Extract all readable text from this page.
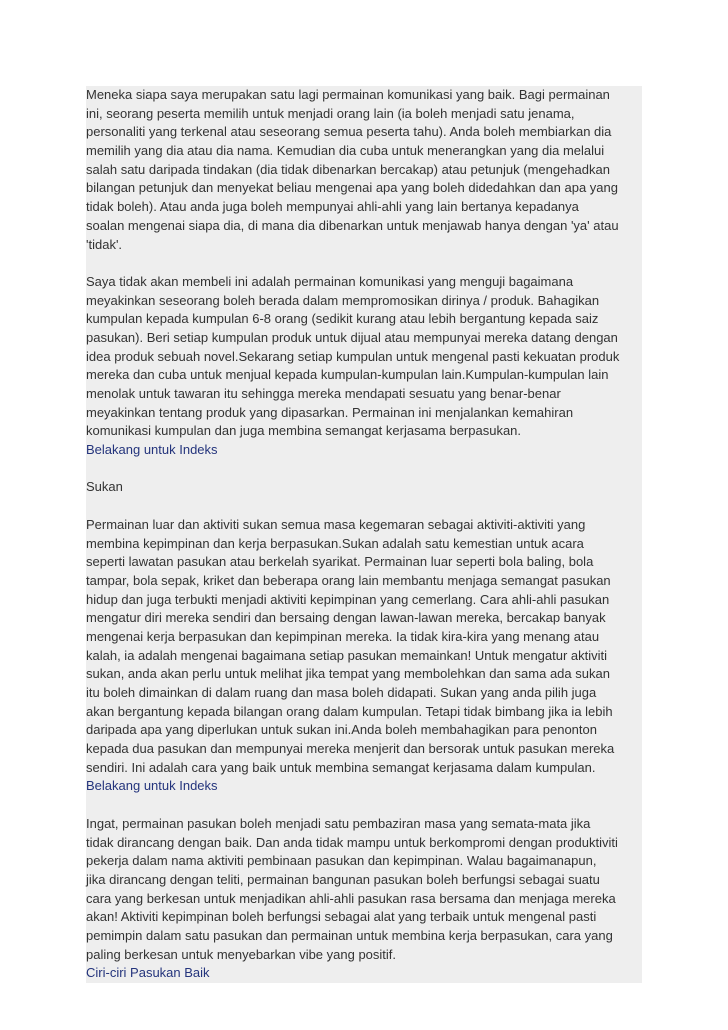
Meneka siapa saya merupakan satu lagi permainan komunikasi yang baik. Bagi permainan
ini, seorang peserta memilih untuk menjadi orang lain (ia boleh menjadi satu jenama,
personaliti yang terkenal atau seseorang semua peserta tahu). Anda boleh membiarkan dia
memilih yang dia atau dia nama. Kemudian dia cuba untuk menerangkan yang dia melalui
salah satu daripada tindakan (dia tidak dibenarkan bercakap) atau petunjuk (mengehadkan
bilangan petunjuk dan menyekat beliau mengenai apa yang boleh didedahkan dan apa yang
tidak boleh). Atau anda juga boleh mempunyai ahli-ahli yang lain bertanya kepadanya
soalan mengenai siapa dia, di mana dia dibenarkan untuk menjawab hanya dengan 'ya' atau
'tidak'.
Saya tidak akan membeli ini adalah permainan komunikasi yang menguji bagaimana
meyakinkan seseorang boleh berada dalam mempromosikan dirinya / produk. Bahagikan
kumpulan kepada kumpulan 6-8 orang (sedikit kurang atau lebih bergantung kepada saiz
pasukan). Beri setiap kumpulan produk untuk dijual atau mempunyai mereka datang dengan
idea produk sebuah novel.Sekarang setiap kumpulan untuk mengenal pasti kekuatan produk
mereka dan cuba untuk menjual kepada kumpulan-kumpulan lain.Kumpulan-kumpulan lain
menolak untuk tawaran itu sehingga mereka mendapati sesuatu yang benar-benar
meyakinkan tentang produk yang dipasarkan. Permainan ini menjalankan kemahiran
komunikasi kumpulan dan juga membina semangat kerjasama berpasukan.
Belakang untuk Indeks
Sukan
Permainan luar dan aktiviti sukan semua masa kegemaran sebagai aktiviti-aktiviti yang
membina kepimpinan dan kerja berpasukan.Sukan adalah satu kemestian untuk acara
seperti lawatan pasukan atau berkelah syarikat. Permainan luar seperti bola baling, bola
tampar, bola sepak, kriket dan beberapa orang lain membantu menjaga semangat pasukan
hidup dan juga terbukti menjadi aktiviti kepimpinan yang cemerlang. Cara ahli-ahli pasukan
mengatur diri mereka sendiri dan bersaing dengan lawan-lawan mereka, bercakap banyak
mengenai kerja berpasukan dan kepimpinan mereka. Ia tidak kira-kira yang menang atau
kalah, ia adalah mengenai bagaimana setiap pasukan memainkan! Untuk mengatur aktiviti
sukan, anda akan perlu untuk melihat jika tempat yang membolehkan dan sama ada sukan
itu boleh dimainkan di dalam ruang dan masa boleh didapati. Sukan yang anda pilih juga
akan bergantung kepada bilangan orang dalam kumpulan. Tetapi tidak bimbang jika ia lebih
daripada apa yang diperlukan untuk sukan ini.Anda boleh membahagikan para penonton
kepada dua pasukan dan mempunyai mereka menjerit dan bersorak untuk pasukan mereka
sendiri. Ini adalah cara yang baik untuk membina semangat kerjasama dalam kumpulan.
Belakang untuk Indeks
Ingat, permainan pasukan boleh menjadi satu pembaziran masa yang semata-mata jika
tidak dirancang dengan baik. Dan anda tidak mampu untuk berkompromi dengan produktiviti
pekerja dalam nama aktiviti pembinaan pasukan dan kepimpinan. Walau bagaimanapun,
jika dirancang dengan teliti, permainan bangunan pasukan boleh berfungsi sebagai suatu
cara yang berkesan untuk menjadikan ahli-ahli pasukan rasa bersama dan menjaga mereka
akan! Aktiviti kepimpinan boleh berfungsi sebagai alat yang terbaik untuk mengenal pasti
pemimpin dalam satu pasukan dan permainan untuk membina kerja berpasukan, cara yang
paling berkesan untuk menyebarkan vibe yang positif.
Ciri-ciri Pasukan Baik
